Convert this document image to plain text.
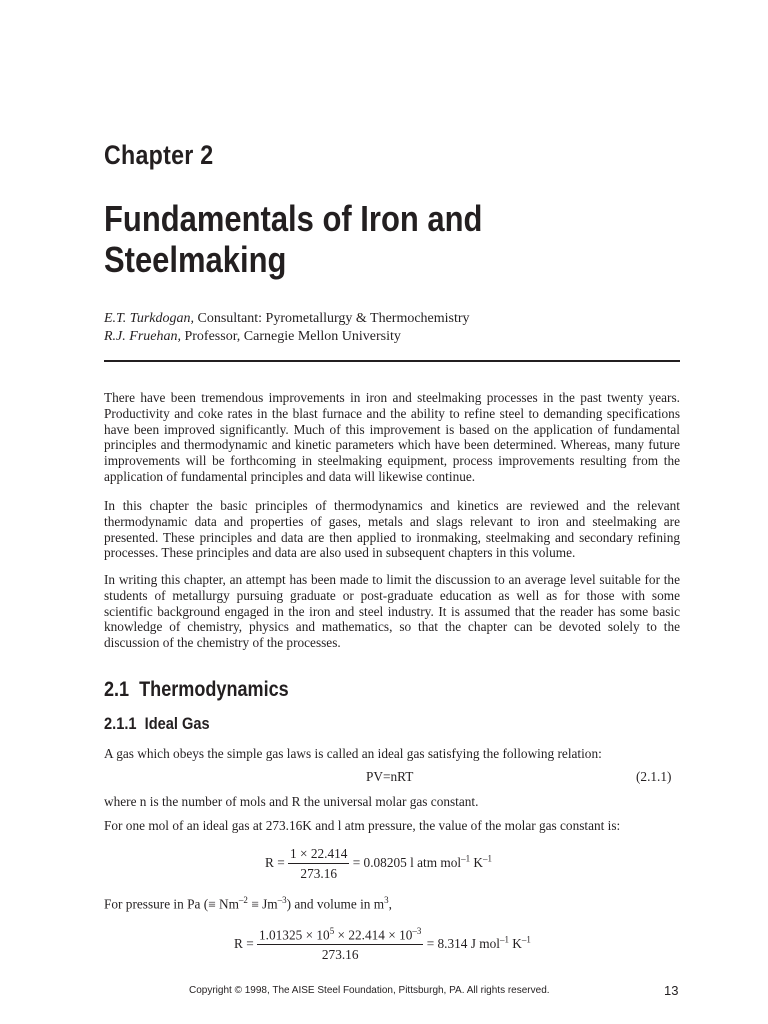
Chapter 2
Fundamentals of Iron and
Steelmaking
E.T. Turkdogan, Consultant: Pyrometallurgy & Thermochemistry
R.J. Fruehan, Professor, Carnegie Mellon University
There have been tremendous improvements in iron and steelmaking processes in the past twenty years. Productivity and coke rates in the blast furnace and the ability to refine steel to demanding specifications have been improved significantly. Much of this improvement is based on the application of fundamental principles and thermodynamic and kinetic parameters which have been determined. Whereas, many future improvements will be forthcoming in steelmaking equipment, process improvements resulting from the application of fundamental principles and data will likewise continue.
In this chapter the basic principles of thermodynamics and kinetics are reviewed and the relevant thermodynamic data and properties of gases, metals and slags relevant to iron and steelmaking are presented. These principles and data are then applied to ironmaking, steelmaking and secondary refining processes. These principles and data are also used in subsequent chapters in this volume.
In writing this chapter, an attempt has been made to limit the discussion to an average level suitable for the students of metallurgy pursuing graduate or post-graduate education as well as for those with some scientific background engaged in the iron and steel industry. It is assumed that the reader has some basic knowledge of chemistry, physics and mathematics, so that the chapter can be devoted solely to the discussion of the chemistry of the processes.
2.1 Thermodynamics
2.1.1 Ideal Gas
A gas which obeys the simple gas laws is called an ideal gas satisfying the following relation:
PV=nRT	(2.1.1)
where n is the number of mols and R the universal molar gas constant.
For one mol of an ideal gas at 273.16K and l atm pressure, the value of the molar gas constant is:
$R = \frac{1 \times 22.414}{273.16} = 0.08205$ l atm mol$^{-1}$ $K^{-1}$
For pressure in Pa (≡ $Nm^{-2} \equiv Jm^{-3}$) and volume in $m^3$,
$R = \frac{1.01325 \times 10^5 \times 22.414 \times 10^{-3}}{273.16} = 8.314$ J mol$^{-1}$ $K^{-1}$
Copyright © 1998, The AISE Steel Foundation, Pittsburgh, PA. All rights reserved.	13
